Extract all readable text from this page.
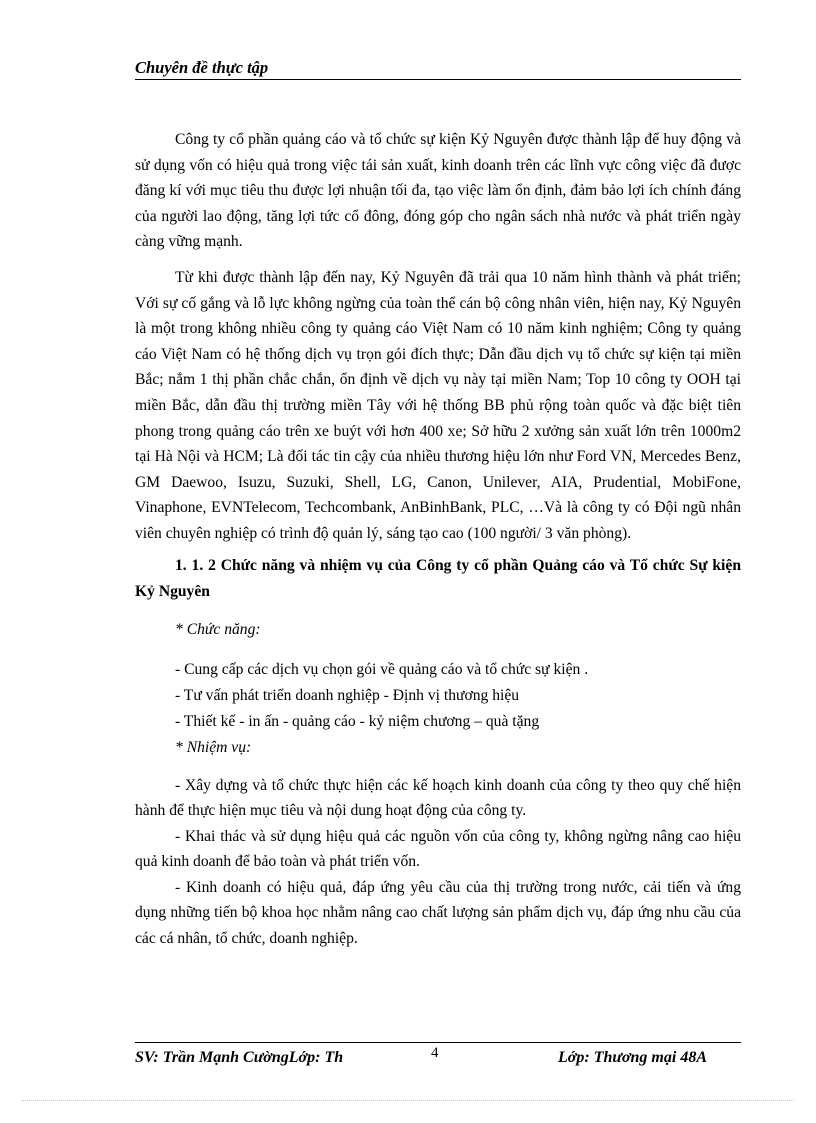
Chuyên đề thực tập

Công ty cổ phần quảng cáo và tổ chức sự kiện Kỷ Nguyên được thành lập để huy động và sử dụng vốn có hiệu quả trong việc tái sản xuất, kinh doanh trên các lĩnh vực công việc đã được đăng kí với mục tiêu thu được lợi nhuận tối đa, tạo việc làm ổn định, đảm bảo lợi ích chính đáng của người lao động, tăng lợi tức cổ đông, đóng góp cho ngân sách nhà nước và phát triển ngày càng vững mạnh.

Từ khi được thành lập đến nay, Kỷ Nguyên đã trải qua 10 năm hình thành và phát triển; Với sự cố gắng và lỗ lực không ngừng của toàn thể cán bộ công nhân viên, hiện nay, Kỷ Nguyên là một trong không nhiều công ty quảng cáo Việt Nam có 10 năm kinh nghiệm; Công ty quảng cáo Việt Nam có hệ thống dịch vụ trọn gói đích thực; Dẫn đầu dịch vụ tổ chức sự kiện tại miền Bắc; nắm 1 thị phần chắc chắn, ổn định về dịch vụ này tại miền Nam; Top 10 công ty OOH tại miền Bắc, dẫn đầu thị trường miền Tây với hệ thống BB phủ rộng toàn quốc và đặc biệt tiên phong trong quảng cáo trên xe buýt với hơn 400 xe; Sở hữu 2 xưởng sản xuất lớn trên 1000m2 tại Hà Nội và HCM; Là đối tác tin cậy của nhiều thương hiệu lớn như Ford VN, Mercedes Benz, GM Daewoo, Isuzu, Suzuki, Shell, LG, Canon, Unilever, AIA, Prudential, MobiFone, Vinaphone, EVNTelecom, Techcombank, AnBinhBank, PLC, …Và là công ty có Đội ngũ nhân viên chuyên nghiệp có trình độ quản lý, sáng tạo cao (100 người/ 3 văn phòng).

1. 1. 2 Chức năng và nhiệm vụ của Công ty cổ phần Quảng cáo và Tổ chức Sự kiện Kỷ Nguyên

* Chức năng:

- Cung cấp các dịch vụ chọn gói về quảng cáo và tổ chức sự kiện .

- Tư vấn phát triển doanh nghiệp - Định vị thương hiệu

- Thiết kế - in ấn - quảng cáo - kỷ niệm chương – quà tặng

* Nhiệm vụ:

- Xây dựng và tổ chức thực hiện các kế hoạch kinh doanh của công ty theo quy chế hiện hành để thực hiện mục tiêu và nội dung hoạt động của công ty.

- Khai thác và sử dụng hiệu quả các nguồn vốn của công ty, không ngừng nâng cao hiệu quả kinh doanh để bảo toàn và phát triển vốn.

- Kinh doanh có hiệu quả, đáp ứng yêu cầu của thị trường trong nước, cải tiến và ứng dụng những tiến bộ khoa học nhằm nâng cao chất lượng sản phẩm dịch vụ, đáp ứng nhu cầu của các cá nhân, tổ chức, doanh nghiệp.

SV: Trần Mạnh CườngLớp: Th	4	Lớp: Thương mại 48A
